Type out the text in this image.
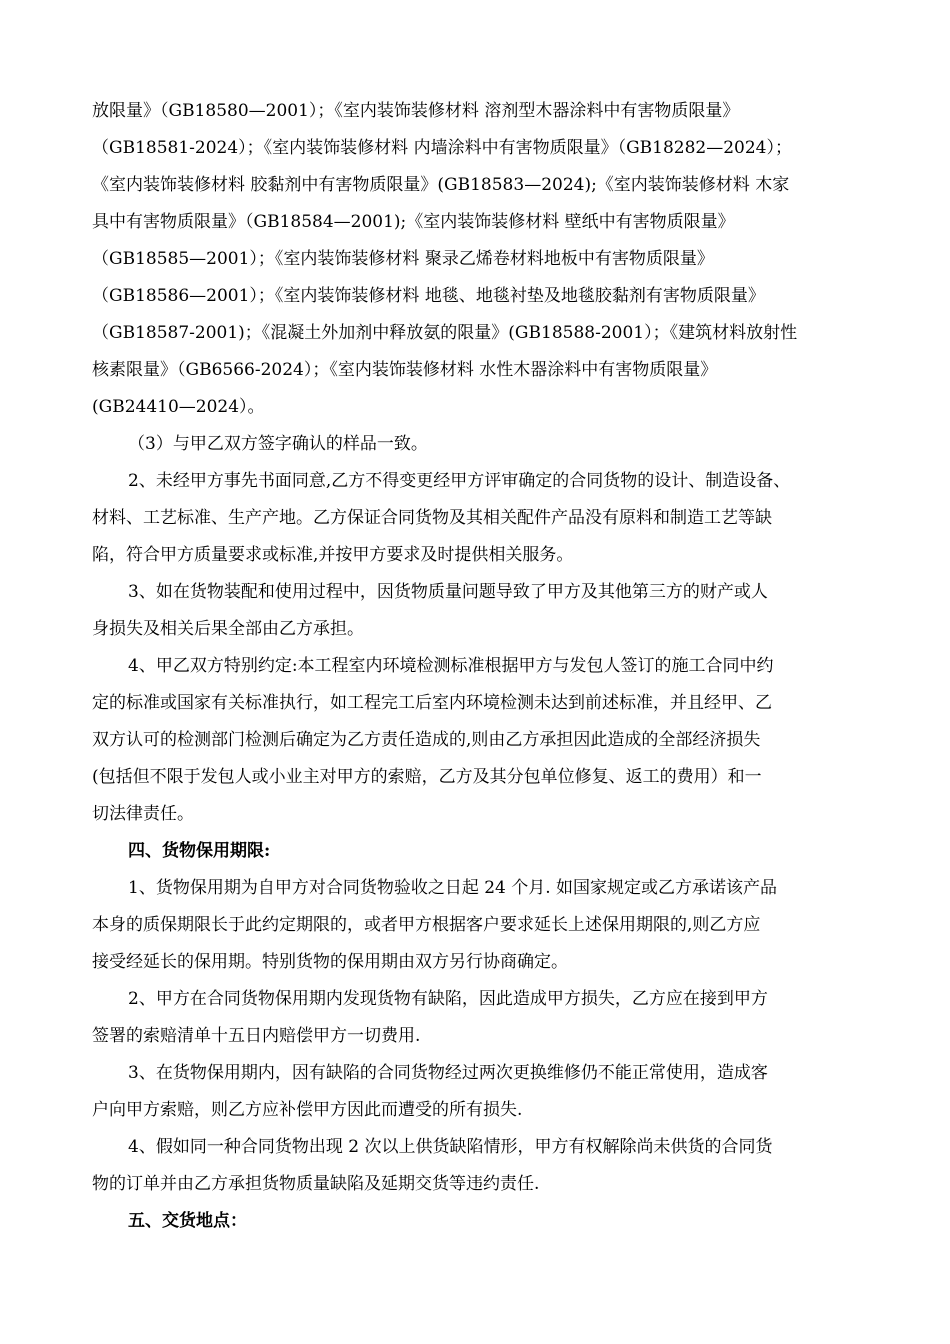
放限量》（GB18580—2001）；《室内装饰装修材料 溶剂型木器涂料中有害物质限量》
（GB18581-2024）；《室内装饰装修材料 内墙涂料中有害物质限量》（GB18282—2024）；
《室内装饰装修材料 胶黏剂中有害物质限量》(GB18583—2024);《室内装饰装修材料 木家
具中有害物质限量》（GB18584—2001);《室内装饰装修材料 壁纸中有害物质限量》
（GB18585—2001）；《室内装饰装修材料 聚录乙烯卷材料地板中有害物质限量》
（GB18586—2001）；《室内装饰装修材料 地毯、地毯衬垫及地毯胶黏剂有害物质限量》
（GB18587-2001)；《混凝土外加剂中释放氨的限量》(GB18588-2001）；《建筑材料放射性
核素限量》（GB6566-2024）；《室内装饰装修材料 水性木器涂料中有害物质限量》
(GB24410—2024）。
（3）与甲乙双方签字确认的样品一致。
2、未经甲方事先书面同意,乙方不得变更经甲方评审确定的合同货物的设计、制造设备、
材料、工艺标准、生产产地。乙方保证合同货物及其相关配件产品没有原料和制造工艺等缺
陷，符合甲方质量要求或标准,并按甲方要求及时提供相关服务。
3、如在货物装配和使用过程中，因货物质量问题导致了甲方及其他第三方的财产或人
身损失及相关后果全部由乙方承担。
4、甲乙双方特别约定:本工程室内环境检测标准根据甲方与发包人签订的施工合同中约
定的标准或国家有关标准执行，如工程完工后室内环境检测未达到前述标准，并且经甲、乙
双方认可的检测部门检测后确定为乙方责任造成的,则由乙方承担因此造成的全部经济损失
(包括但不限于发包人或小业主对甲方的索赔，乙方及其分包单位修复、返工的费用）和一
切法律责任。
四、货物保用期限:
1、货物保用期为自甲方对合同货物验收之日起 24 个月. 如国家规定或乙方承诺该产品
本身的质保期限长于此约定期限的，或者甲方根据客户要求延长上述保用期限的,则乙方应
接受经延长的保用期。特别货物的保用期由双方另行协商确定。
2、甲方在合同货物保用期内发现货物有缺陷，因此造成甲方损失，乙方应在接到甲方
签署的索赔清单十五日内赔偿甲方一切费用.
3、在货物保用期内，因有缺陷的合同货物经过两次更换维修仍不能正常使用，造成客
户向甲方索赔，则乙方应补偿甲方因此而遭受的所有损失.
4、假如同一种合同货物出现 2 次以上供货缺陷情形，甲方有权解除尚未供货的合同货
物的订单并由乙方承担货物质量缺陷及延期交货等违约责任.
五、交货地点：
